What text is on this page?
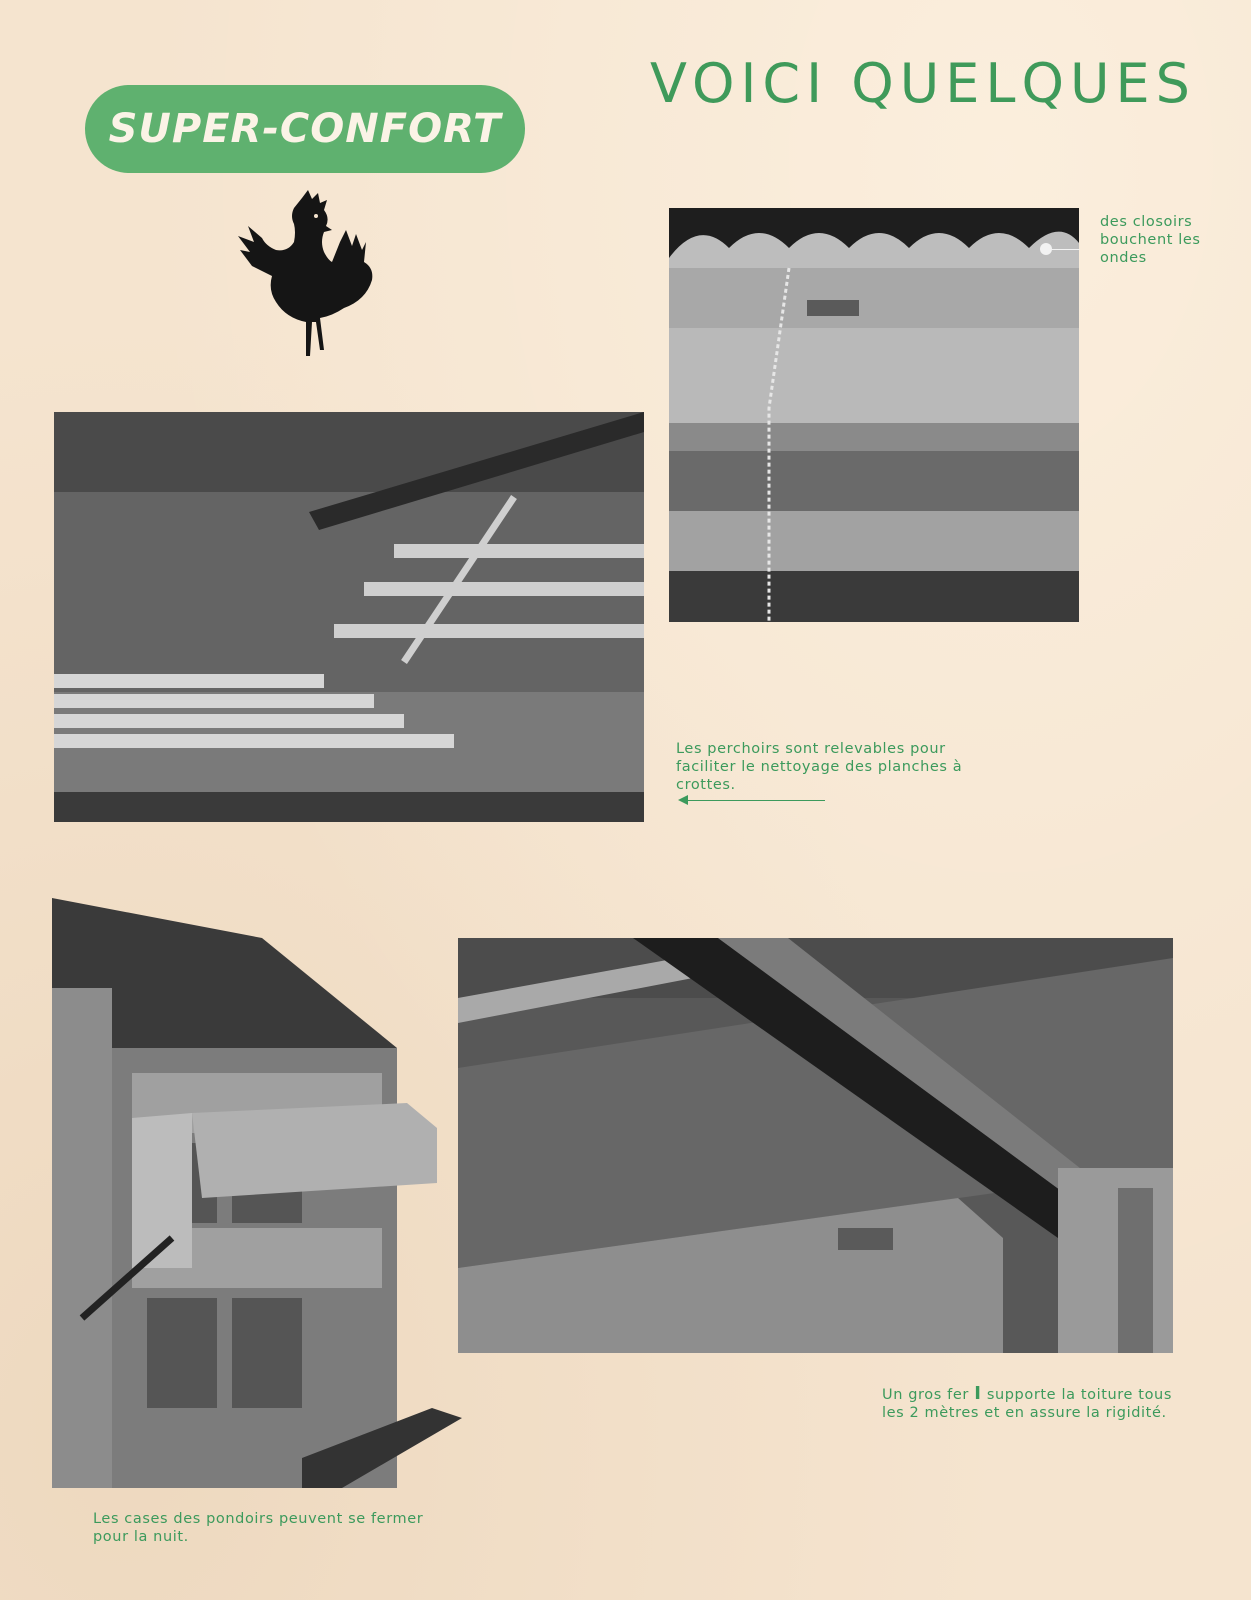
SUPER-CONFORT
VOICI QUELQUES
des closoirs bouchent les ondes
Les perchoirs sont relevables pour faciliter le nettoyage des planches à crottes.
Les cases des pondoirs peuvent se fermer pour la nuit.
Un gros fer I supporte la toiture tous les 2 mètres et en assure la rigidité.
